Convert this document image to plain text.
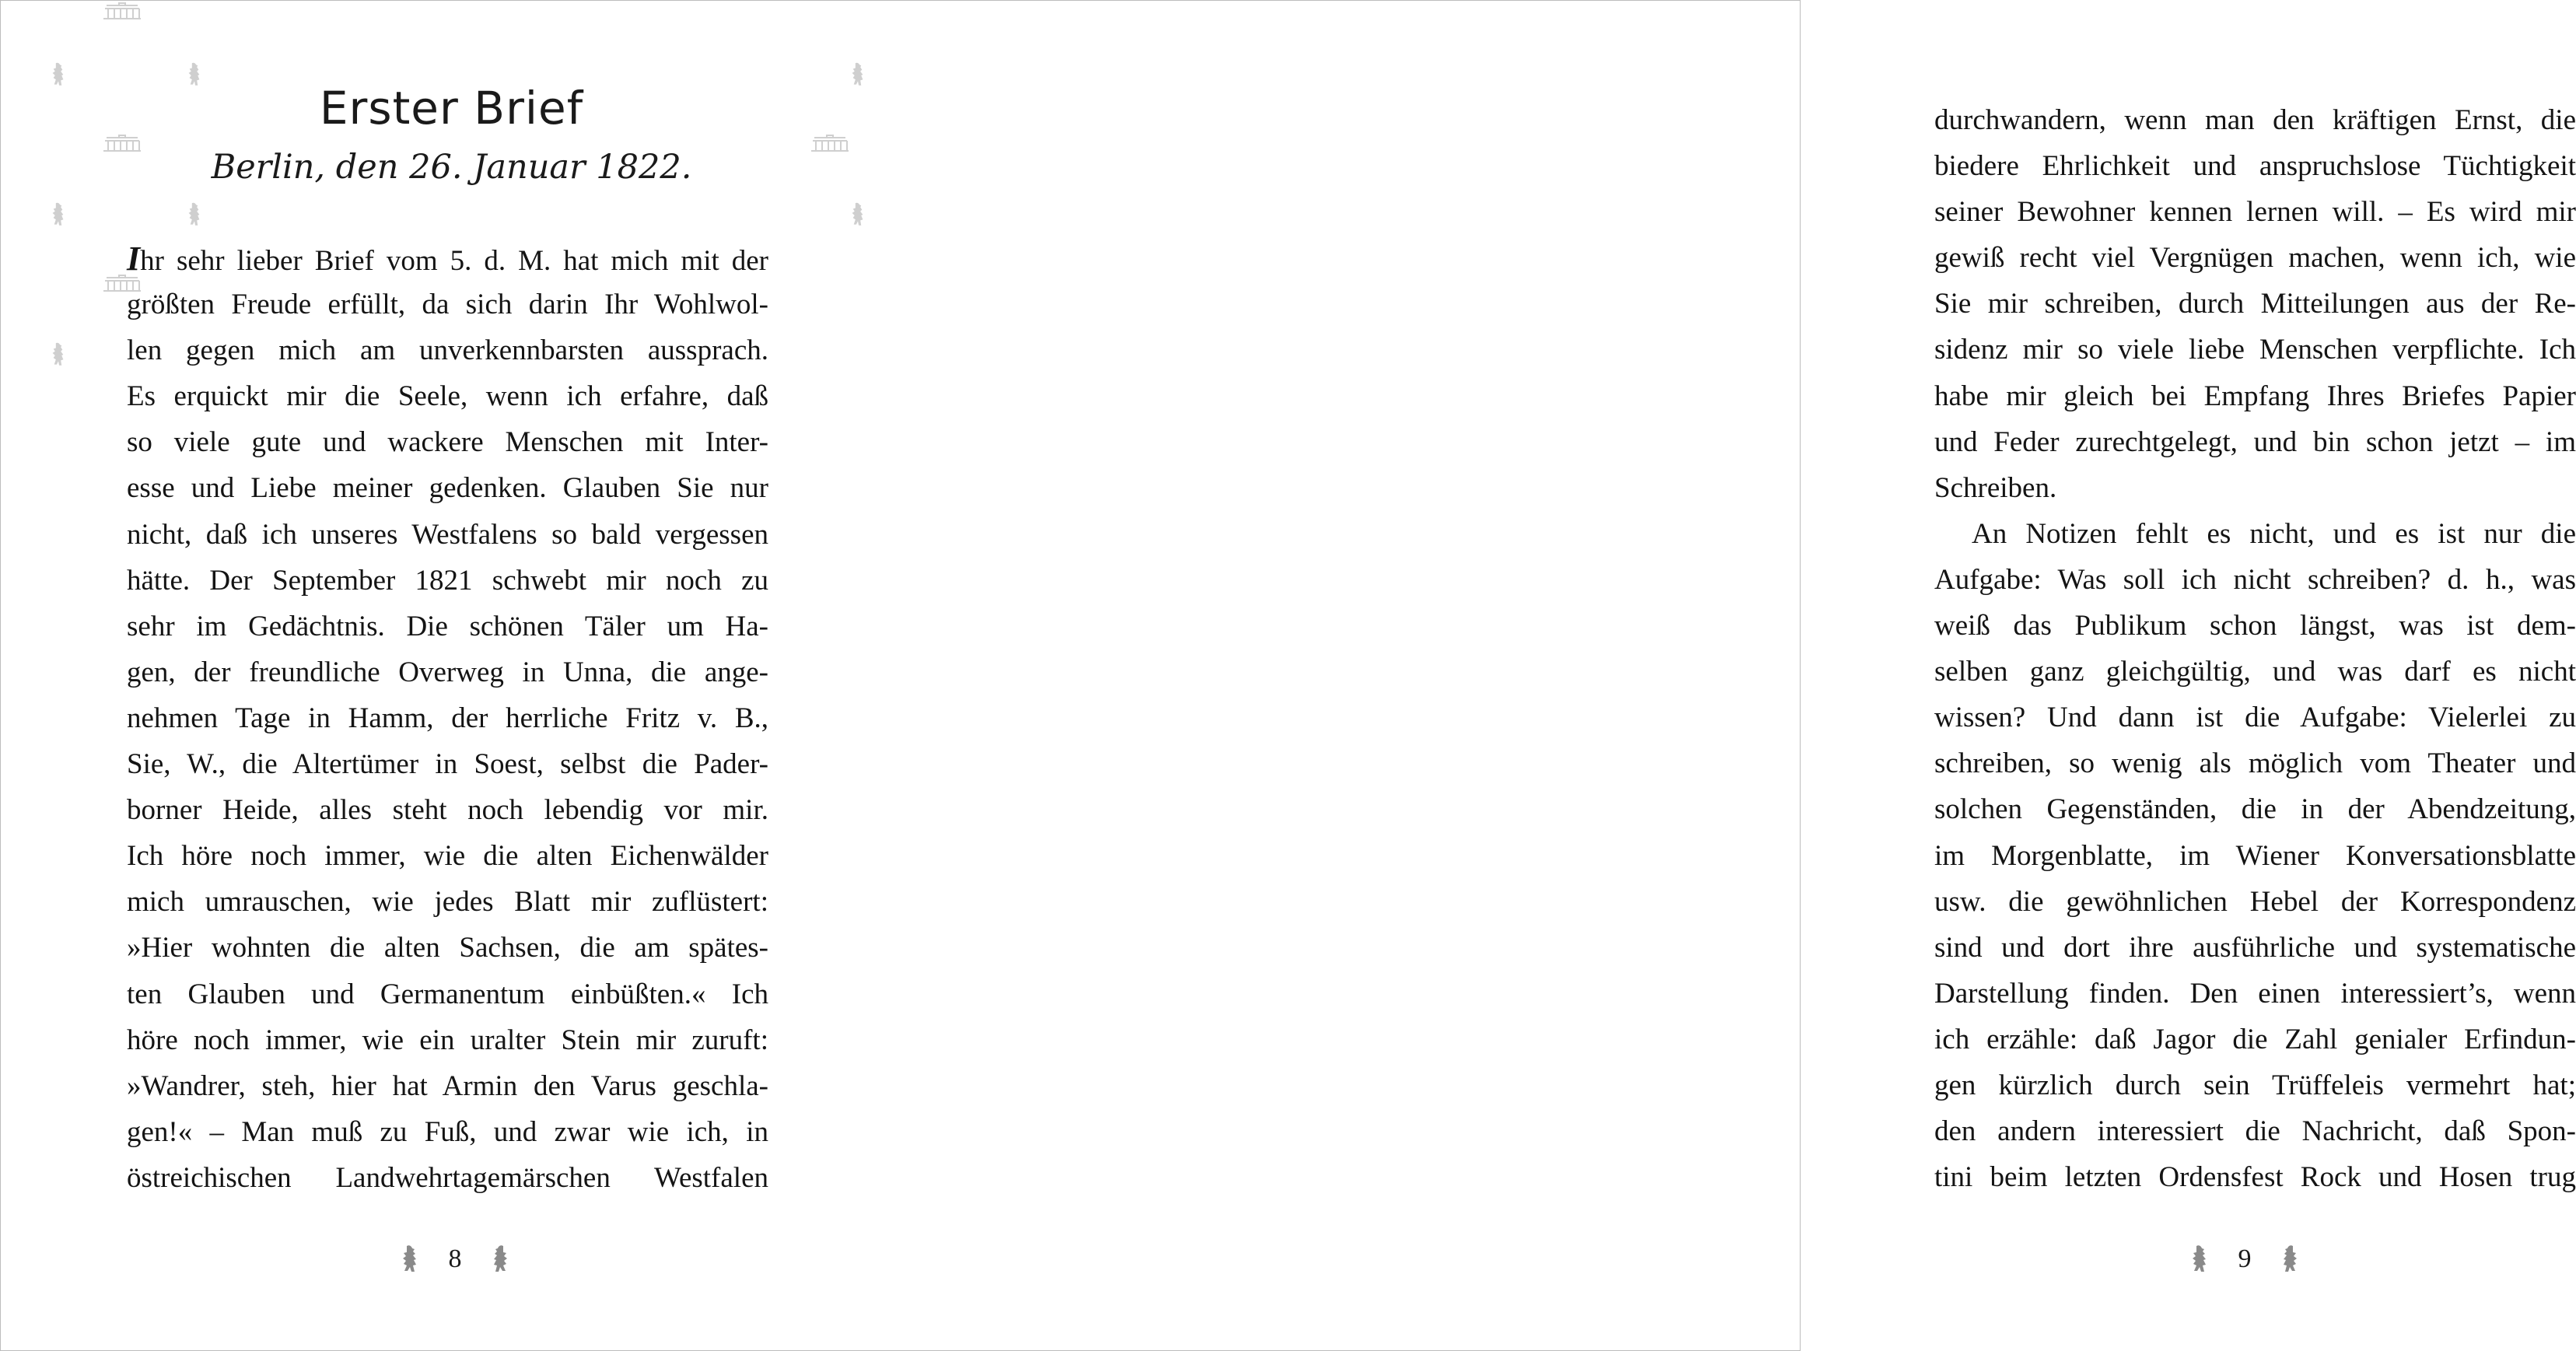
Erster Brief

Berlin, den 26. Januar 1822.

Ihr sehr lieber Brief vom 5. d. M. hat mich mit der
größten Freude erfüllt, da sich darin Ihr Wohlwol-
len gegen mich am unverkennbarsten aussprach.
Es erquickt mir die Seele, wenn ich erfahre, daß
so viele gute und wackere Menschen mit Inter-
esse und Liebe meiner gedenken. Glauben Sie nur
nicht, daß ich unseres Westfalens so bald vergessen
hätte. Der September 1821 schwebt mir noch zu
sehr im Gedächtnis. Die schönen Täler um Ha-
gen, der freundliche Overweg in Unna, die ange-
nehmen Tage in Hamm, der herrliche Fritz v. B.,
Sie, W., die Altertümer in Soest, selbst die Pader-
borner Heide, alles steht noch lebendig vor mir.
Ich höre noch immer, wie die alten Eichenwälder
mich umrauschen, wie jedes Blatt mir zuflüstert:
»Hier wohnten die alten Sachsen, die am spätes-
ten Glauben und Germanentum einbüßten.« Ich
höre noch immer, wie ein uralter Stein mir zuruft:
»Wandrer, steh, hier hat Armin den Varus geschla-
gen!« – Man muß zu Fuß, und zwar wie ich, in
östreichischen Landwehrtagemärschen Westfalen
8
durchwandern, wenn man den kräftigen Ernst, die
biedere Ehrlichkeit und anspruchslose Tüchtigkeit
seiner Bewohner kennen lernen will. – Es wird mir
gewiß recht viel Vergnügen machen, wenn ich, wie
Sie mir schreiben, durch Mitteilungen aus der Re-
sidenz mir so viele liebe Menschen verpflichte. Ich
habe mir gleich bei Empfang Ihres Briefes Papier
und Feder zurechtgelegt, und bin schon jetzt – im
Schreiben.
An Notizen fehlt es nicht, und es ist nur die
Aufgabe: Was soll ich nicht schreiben? d. h., was
weiß das Publikum schon längst, was ist dem-
selben ganz gleichgültig, und was darf es nicht
wissen? Und dann ist die Aufgabe: Vielerlei zu
schreiben, so wenig als möglich vom Theater und
solchen Gegenständen, die in der Abendzeitung,
im Morgenblatte, im Wiener Konversationsblatte
usw. die gewöhnlichen Hebel der Korrespondenz
sind und dort ihre ausführliche und systematische
Darstellung finden. Den einen interessiert’s, wenn
ich erzähle: daß Jagor die Zahl genialer Erfindun-
gen kürzlich durch sein Trüffeleis vermehrt hat;
den andern interessiert die Nachricht, daß Spon-
tini beim letzten Ordensfest Rock und Hosen trug
9
